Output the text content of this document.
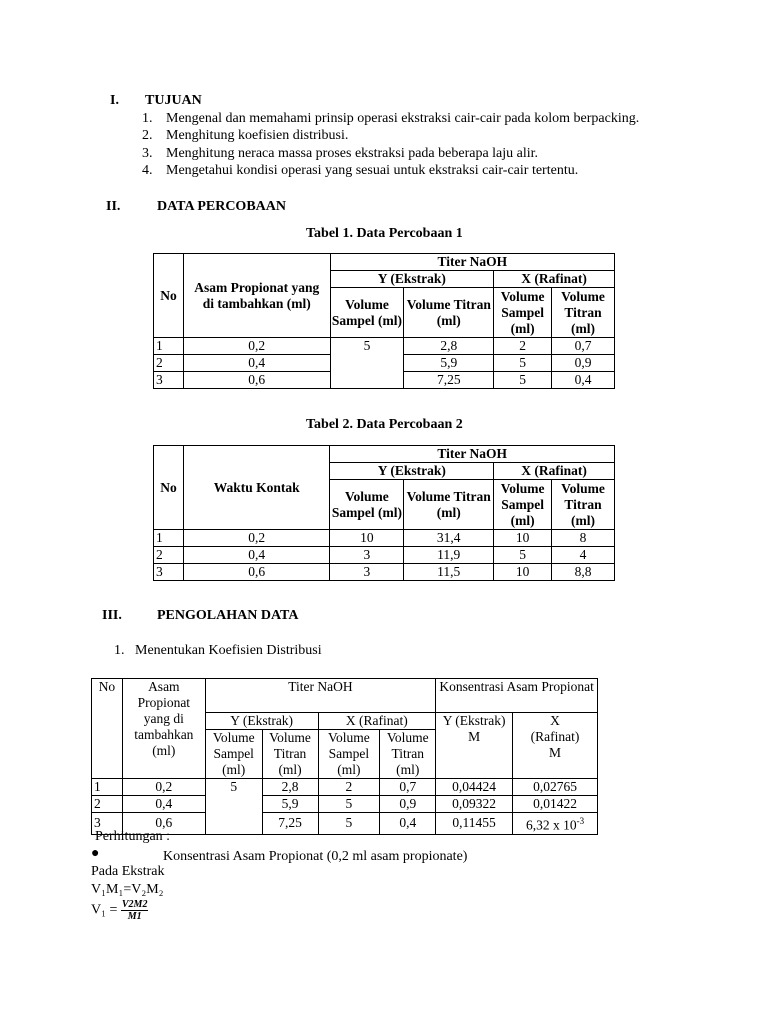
I. TUJUAN
1. Mengenal dan memahami prinsip operasi ekstraksi cair-cair pada kolom berpacking.
2. Menghitung koefisien distribusi.
3. Menghitung neraca massa proses ekstraksi pada beberapa laju alir.
4. Mengetahui kondisi operasi yang sesuai untuk ekstraksi cair-cair tertentu.
II.	DATA PERCOBAAN
Tabel 1. Data Percobaan 1
No	Asam Propionat yang di tambahkan (ml)	Titer NaOH			
		Y (Ekstrak)		X (Rafinat)	
		Volume Sampel (ml)	Volume Titran (ml)	Volume Sampel (ml)	Volume Titran (ml)
1	0,2	5	2,8	2	0,7
2	0,4		5,9	5	0,9
3	0,6		7,25	5	0,4
Tabel 2. Data Percobaan 2
No	Waktu Kontak	Titer NaOH			
		Y (Ekstrak)		X (Rafinat)	
		Volume Sampel (ml)	Volume Titran (ml)	Volume Sampel (ml)	Volume Titran (ml)
1	0,2	10	31,4	10	8
2	0,4	3	11,9	5	4
3	0,6	3	11,5	10	8,8
III.	PENGOLAHAN DATA
1.   Menentukan Koefisien Distribusi
No	Asam Propionat yang di tambahkan (ml)	Titer NaOH				Konsentrasi Asam Propionat	
		Y (Ekstrak)		X (Rafinat)		Y (Ekstrak) M	X (Rafinat) M
		Volume Sampel (ml)	Volume Titran (ml)	Volume Sampel (ml)	Volume Titran (ml)		
1	0,2	5	2,8	2	0,7	0,04424	0,02765
2	0,4		5,9	5	0,9	0,09322	0,01422
3	0,6		7,25	5	0,4	0,11455	6,32 x $10^{-3}$
Perhitungan :
●	Konsentrasi Asam Propionat (0,2 ml asam propionate)
Pada Ekstrak
V₁M₁=V₂M₂
$V_1 = \frac{V2M2}{M1}$
